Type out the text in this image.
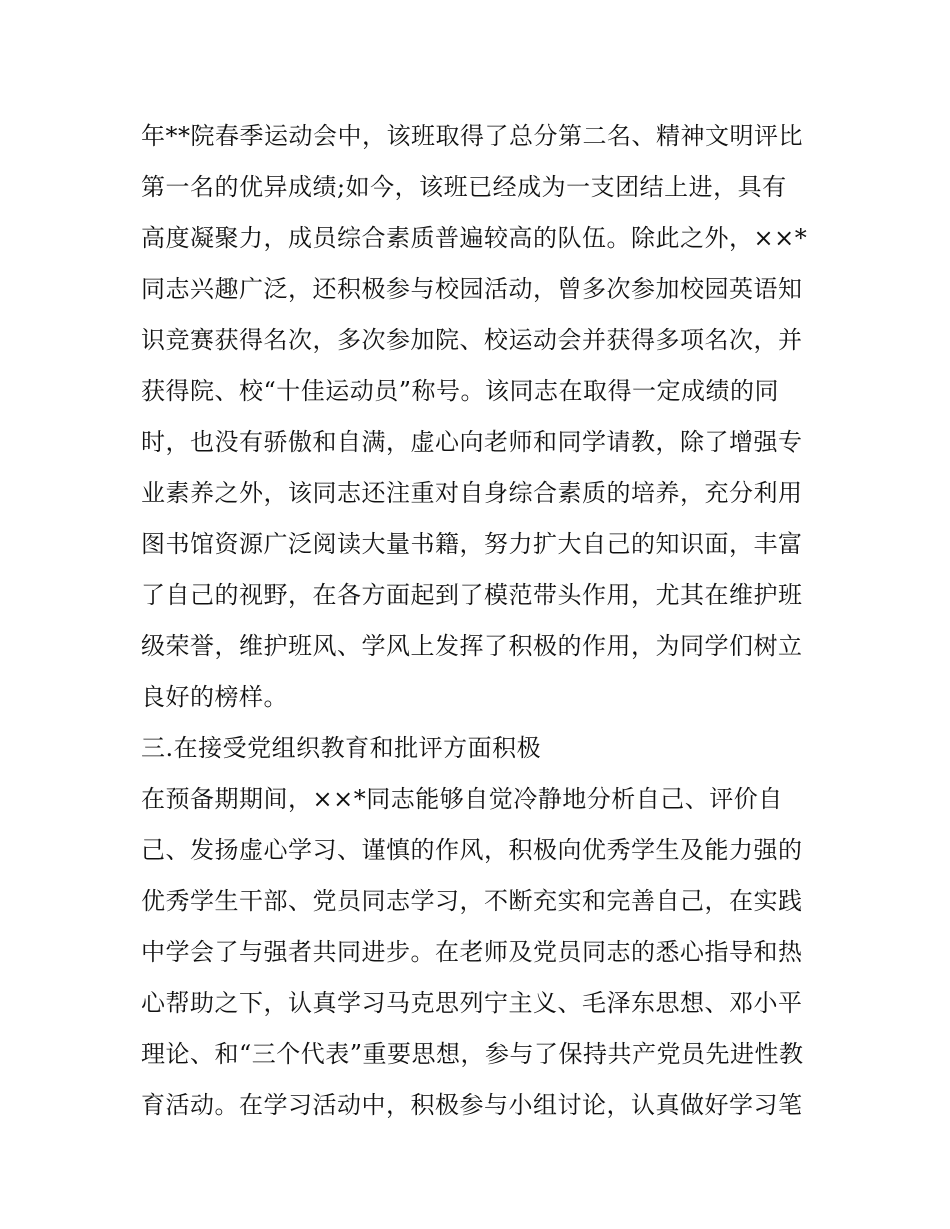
年**院春季运动会中，该班取得了总分第二名、精神文明评比
第一名的优异成绩;如今，该班已经成为一支团结上进，具有
高度凝聚力，成员综合素质普遍较高的队伍。除此之外，××*
同志兴趣广泛，还积极参与校园活动，曾多次参加校园英语知
识竞赛获得名次，多次参加院、校运动会并获得多项名次，并
获得院、校“十佳运动员”称号。该同志在取得一定成绩的同
时，也没有骄傲和自满，虚心向老师和同学请教，除了增强专
业素养之外，该同志还注重对自身综合素质的培养，充分利用
图书馆资源广泛阅读大量书籍，努力扩大自己的知识面，丰富
了自己的视野，在各方面起到了模范带头作用，尤其在维护班
级荣誉，维护班风、学风上发挥了积极的作用，为同学们树立
良好的榜样。
三.在接受党组织教育和批评方面积极
在预备期期间，××*同志能够自觉冷静地分析自己、评价自
己、发扬虚心学习、谨慎的作风，积极向优秀学生及能力强的
优秀学生干部、党员同志学习，不断充实和完善自己，在实践
中学会了与强者共同进步。在老师及党员同志的悉心指导和热
心帮助之下，认真学习马克思列宁主义、毛泽东思想、邓小平
理论、和“三个代表”重要思想，参与了保持共产党员先进性教
育活动。在学习活动中，积极参与小组讨论，认真做好学习笔
